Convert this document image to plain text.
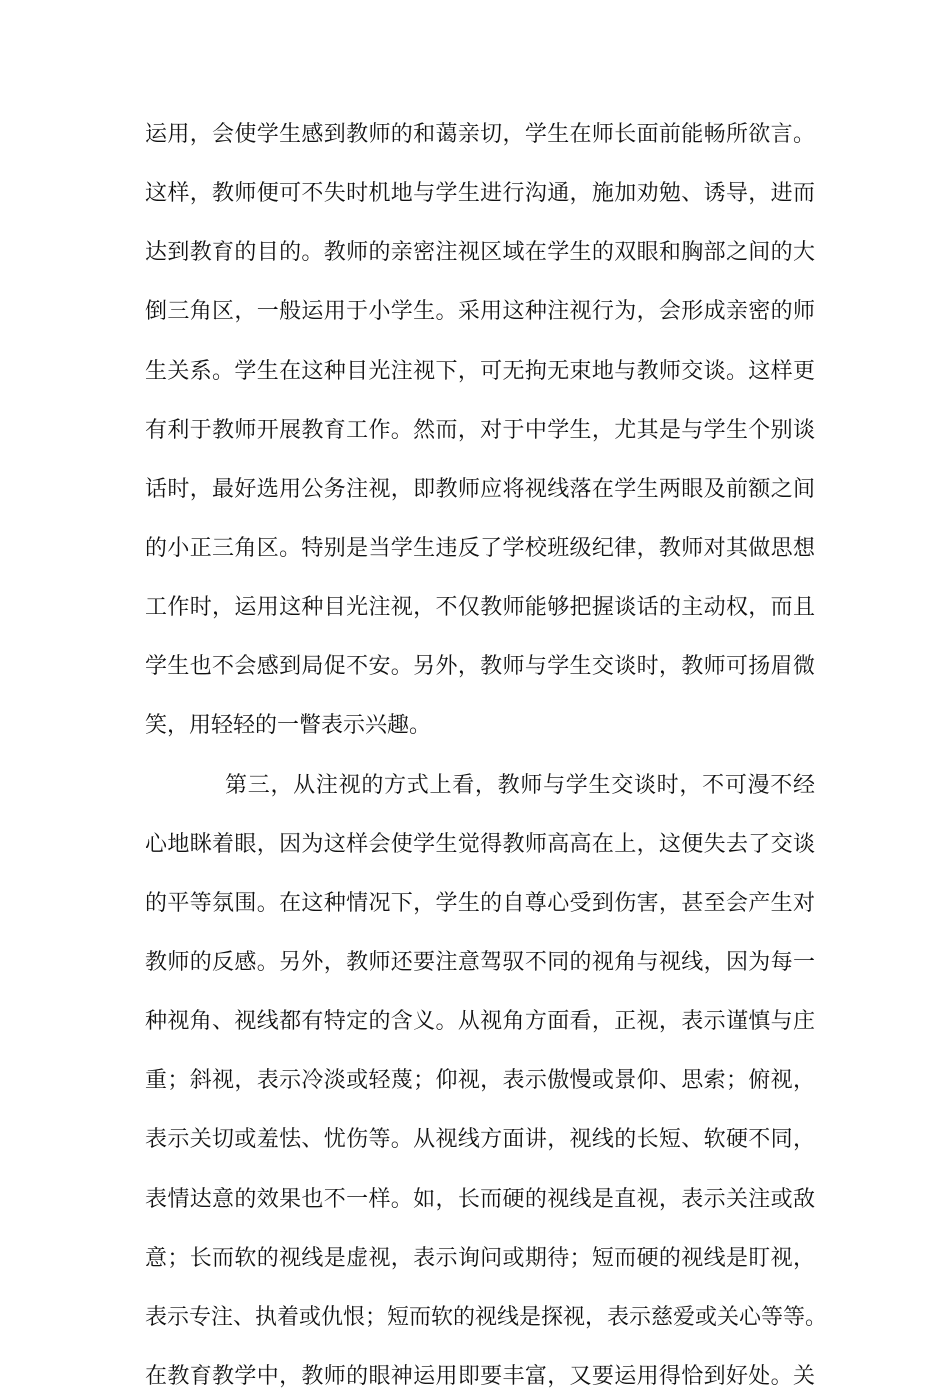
运用，会使学生感到教师的和蔼亲切，学生在师长面前能畅所欲言。
这样，教师便可不失时机地与学生进行沟通，施加劝勉、诱导，进而
达到教育的目的。教师的亲密注视区域在学生的双眼和胸部之间的大
倒三角区，一般运用于小学生。采用这种注视行为，会形成亲密的师
生关系。学生在这种目光注视下，可无拘无束地与教师交谈。这样更
有利于教师开展教育工作。然而，对于中学生，尤其是与学生个别谈
话时，最好选用公务注视，即教师应将视线落在学生两眼及前额之间
的小正三角区。特别是当学生违反了学校班级纪律，教师对其做思想
工作时，运用这种目光注视，不仅教师能够把握谈话的主动权，而且
学生也不会感到局促不安。另外，教师与学生交谈时，教师可扬眉微
笑，用轻轻的一瞥表示兴趣。
第三，从注视的方式上看，教师与学生交谈时，不可漫不经
心地眯着眼，因为这样会使学生觉得教师高高在上，这便失去了交谈
的平等氛围。在这种情况下，学生的自尊心受到伤害，甚至会产生对
教师的反感。另外，教师还要注意驾驭不同的视角与视线，因为每一
种视角、视线都有特定的含义。从视角方面看，正视，表示谨慎与庄
重；斜视，表示冷淡或轻蔑；仰视，表示傲慢或景仰、思索；俯视，
表示关切或羞怯、忧伤等。从视线方面讲，视线的长短、软硬不同，
表情达意的效果也不一样。如，长而硬的视线是直视，表示关注或敌
意；长而软的视线是虚视，表示询问或期待；短而硬的视线是盯视，
表示专注、执着或仇恨；短而软的视线是探视，表示慈爱或关心等等。
在教育教学中，教师的眼神运用即要丰富，又要运用得恰到好处。关
